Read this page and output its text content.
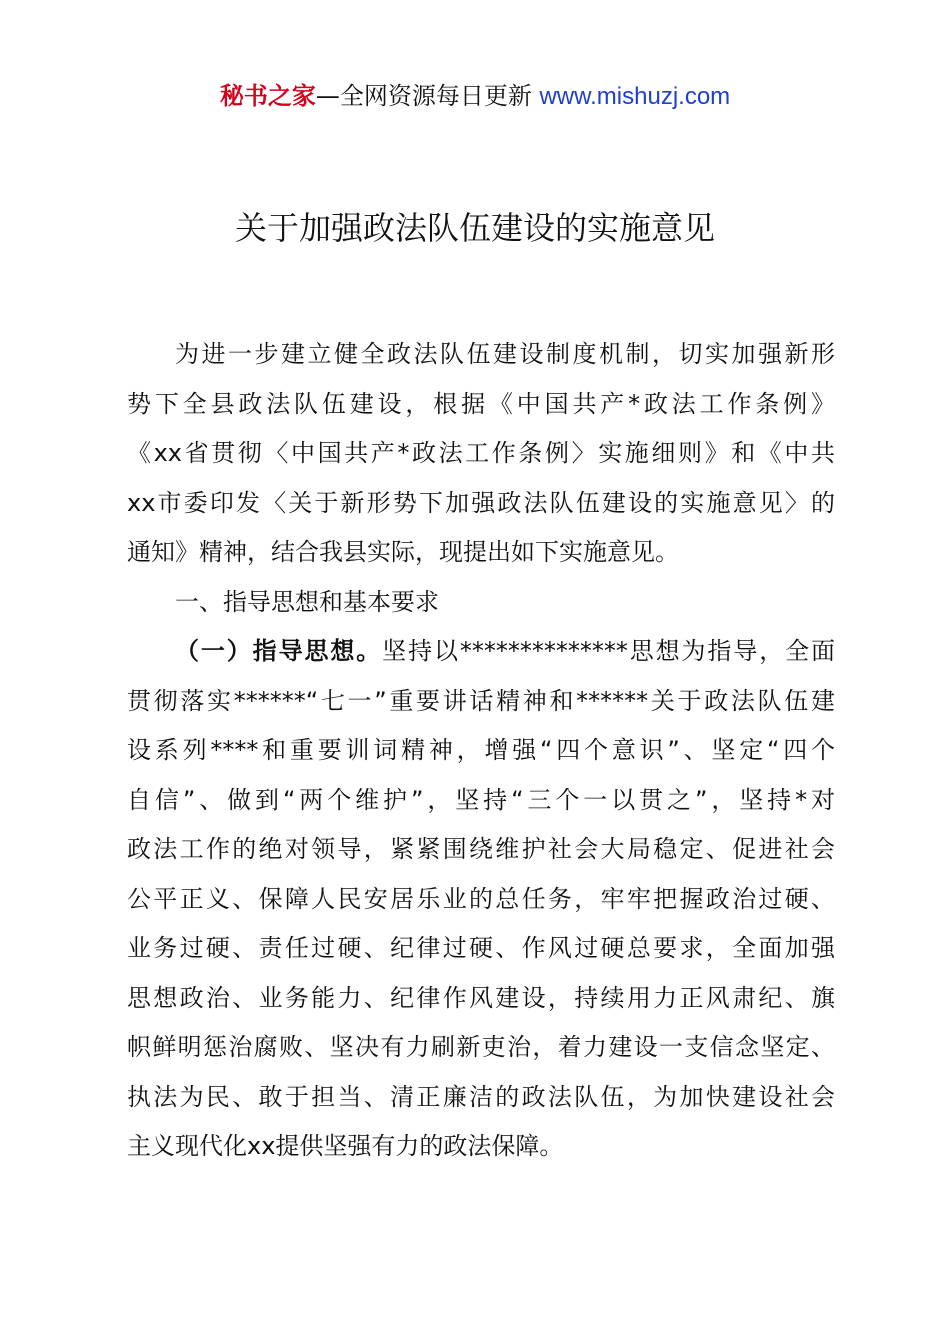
秘书之家—全网资源每日更新 www.mishuzj.com
关于加强政法队伍建设的实施意见
为进一步建立健全政法队伍建设制度机制，切实加强新形
势下全县政法队伍建设，根据《中国共产*政法工作条例》
《xx省贯彻〈中国共产*政法工作条例〉实施细则》和《中共
xx市委印发〈关于新形势下加强政法队伍建设的实施意见〉的
通知》精神，结合我县实际，现提出如下实施意见。
一、指导思想和基本要求
（一）指导思想。坚持以**************思想为指导，全面
贯彻落实******“七一”重要讲话精神和******关于政法队伍建
设系列****和重要训词精神，增强“四个意识”、坚定“四个
自信”、做到“两个维护”，坚持“三个一以贯之”，坚持*对
政法工作的绝对领导，紧紧围绕维护社会大局稳定、促进社会
公平正义、保障人民安居乐业的总任务，牢牢把握政治过硬、
业务过硬、责任过硬、纪律过硬、作风过硬总要求，全面加强
思想政治、业务能力、纪律作风建设，持续用力正风肃纪、旗
帜鲜明惩治腐败、坚决有力刷新吏治，着力建设一支信念坚定、
执法为民、敢于担当、清正廉洁的政法队伍，为加快建设社会
主义现代化xx提供坚强有力的政法保障。
